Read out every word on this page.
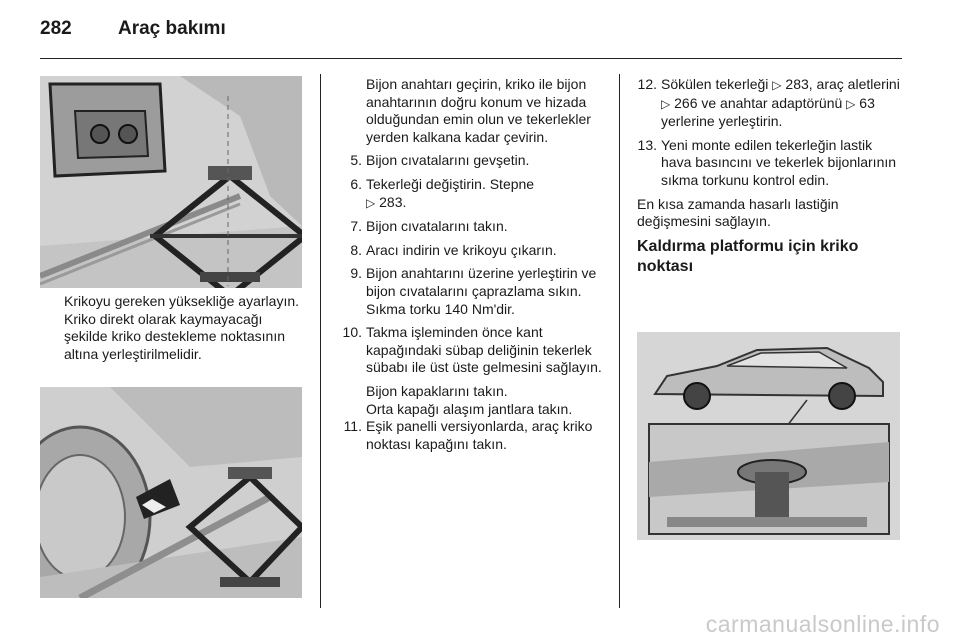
282 Araç bakımı
Krikoyu gereken yüksekliğe ayarlayın. Kriko direkt olarak kaymayacağı şekilde kriko destekleme noktasının altına yerleştirilmelidir.

Bijon anahtarı geçirin, kriko ile bijon anahtarının doğru konum ve hizada olduğundan emin olun ve tekerlekler yerden kalkana kadar çevirin.

5. Bijon cıvatalarını gevşetin.
6. Tekerleği değiştirin. Stepne
▷ 283.
7. Bijon cıvatalarını takın.
8. Aracı indirin ve krikoyu çıkarın.
9. Bijon anahtarını üzerine yerleştirin ve bijon cıvatalarını çaprazlama sıkın. Sıkma torku 140 Nm'dir.
10. Takma işleminden önce kant kapağındaki sübap deliğinin tekerlek sübabı ile üst üste gelmesini sağlayın.

Bijon kapaklarını takın.

Orta kapağı alaşım jantlara takın.

11. Eşik panelli versiyonlarda, araç kriko noktası kapağını takın.
12. Sökülen tekerleği ▷ 283, araç aletlerini ▷ 266 ve anahtar adaptörünü ▷ 63 yerlerine yerleştirin.
13. Yeni monte edilen tekerleğin lastik hava basıncını ve tekerlek bijonlarının sıkma torkunu kontrol edin.

En kısa zamanda hasarlı lastiğin değişmesini sağlayın.

Kaldırma platformu için kriko noktası

carmanualsonline.info
